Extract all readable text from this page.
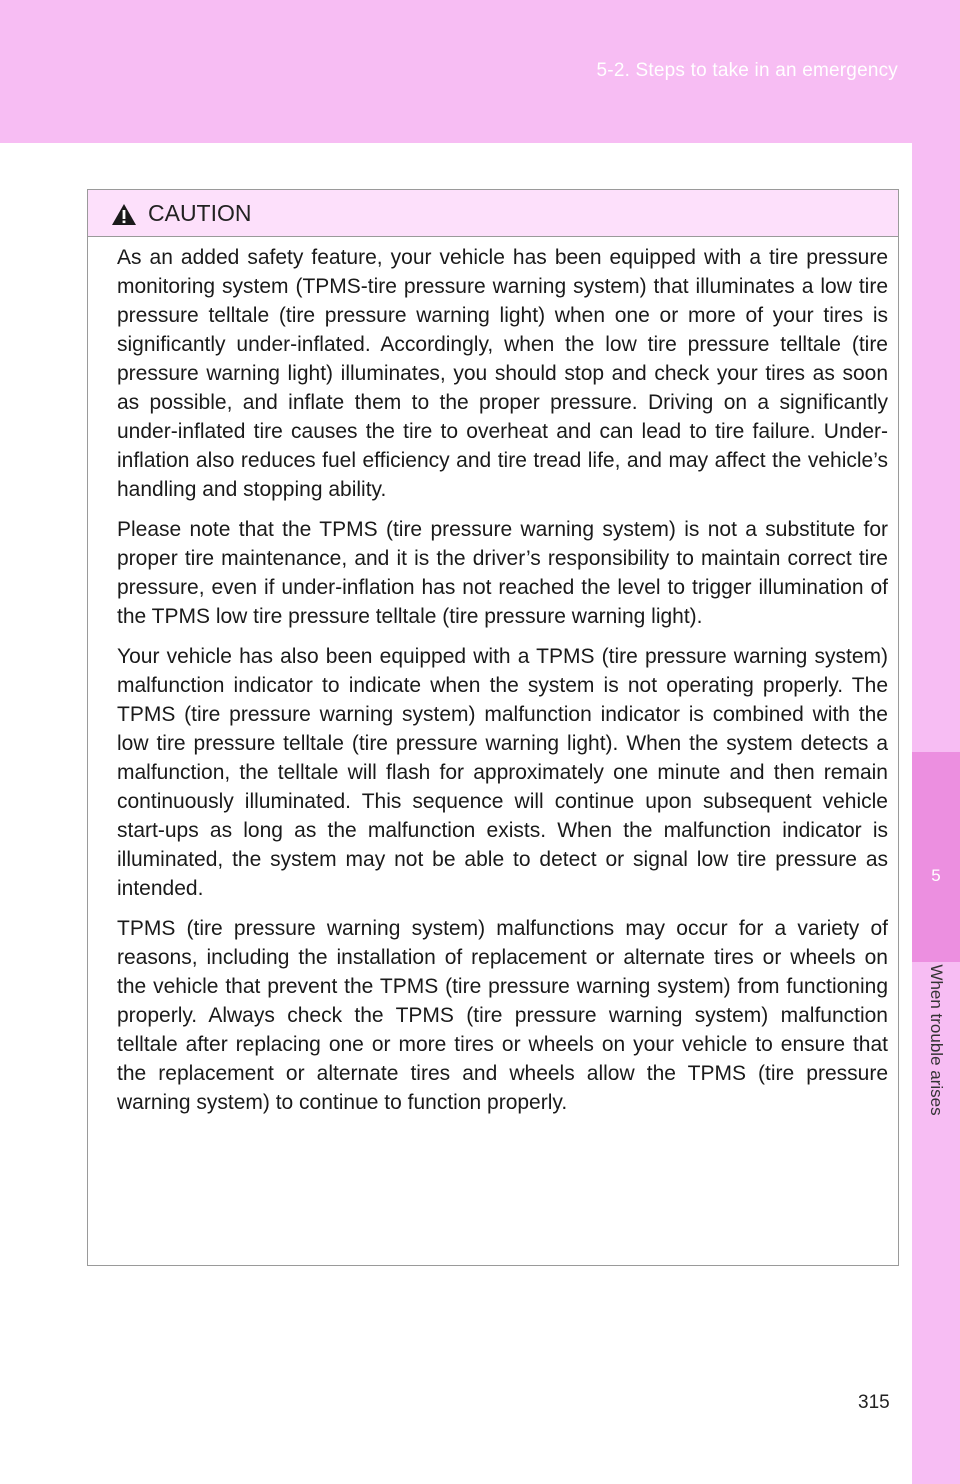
5-2. Steps to take in an emergency
5
When trouble arises
CAUTION

As an added safety feature, your vehicle has been equipped with a tire pressure monitoring system (TPMS-tire pressure warning system) that illuminates a low tire pressure telltale (tire pressure warning light) when one or more of your tires is significantly under-inflated. Accordingly, when the low tire pressure telltale (tire pressure warning light) illuminates, you should stop and check your tires as soon as possible, and inflate them to the proper pressure. Driving on a significantly under-inflated tire causes the tire to overheat and can lead to tire failure. Under-inflation also reduces fuel efficiency and tire tread life, and may affect the vehicle’s handling and stopping ability.

Please note that the TPMS (tire pressure warning system) is not a substitute for proper tire maintenance, and it is the driver’s responsibility to maintain correct tire pressure, even if under-inflation has not reached the level to trigger illumination of the TPMS low tire pressure telltale (tire pressure warning light).

Your vehicle has also been equipped with a TPMS (tire pressure warning system) malfunction indicator to indicate when the system is not operating properly. The TPMS (tire pressure warning system) malfunction indicator is combined with the low tire pressure telltale (tire pressure warning light). When the system detects a malfunction, the telltale will flash for approximately one minute and then remain continuously illuminated. This sequence will continue upon subsequent vehicle start-ups as long as the malfunction exists. When the malfunction indicator is illuminated, the system may not be able to detect or signal low tire pressure as intended.

TPMS (tire pressure warning system) malfunctions may occur for a variety of reasons, including the installation of replacement or alternate tires or wheels on the vehicle that prevent the TPMS (tire pressure warning system) from functioning properly. Always check the TPMS (tire pressure warning system) malfunction telltale after replacing one or more tires or wheels on your vehicle to ensure that the replacement or alternate tires and wheels allow the TPMS (tire pressure warning system) to continue to function properly.

315
